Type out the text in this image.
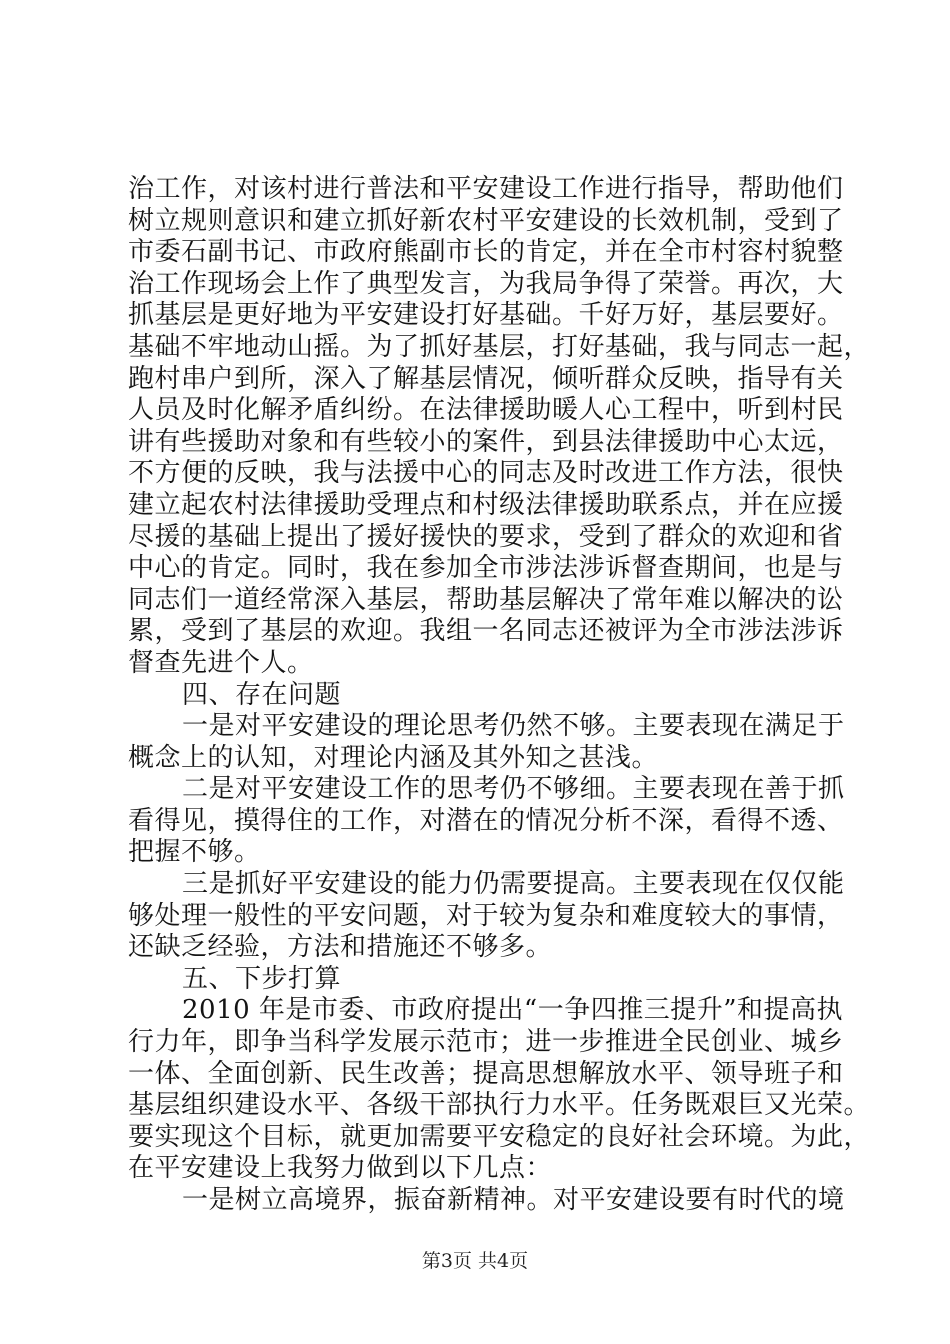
治工作，对该村进行普法和平安建设工作进行指导，帮助他们
树立规则意识和建立抓好新农村平安建设的长效机制，受到了
市委石副书记、市政府熊副市长的肯定，并在全市村容村貌整
治工作现场会上作了典型发言，为我局争得了荣誉。再次，大
抓基层是更好地为平安建设打好基础。千好万好，基层要好。
基础不牢地动山摇。为了抓好基层，打好基础，我与同志一起，
跑村串户到所，深入了解基层情况，倾听群众反映，指导有关
人员及时化解矛盾纠纷。在法律援助暖人心工程中，听到村民
讲有些援助对象和有些较小的案件，到县法律援助中心太远，
不方便的反映，我与法援中心的同志及时改进工作方法，很快
建立起农村法律援助受理点和村级法律援助联系点，并在应援
尽援的基础上提出了援好援快的要求，受到了群众的欢迎和省
中心的肯定。同时，我在参加全市涉法涉诉督查期间，也是与
同志们一道经常深入基层，帮助基层解决了常年难以解决的讼
累，受到了基层的欢迎。我组一名同志还被评为全市涉法涉诉
督查先进个人。
四、存在问题
一是对平安建设的理论思考仍然不够。主要表现在满足于
概念上的认知，对理论内涵及其外知之甚浅。
二是对平安建设工作的思考仍不够细。主要表现在善于抓
看得见，摸得住的工作，对潜在的情况分析不深，看得不透、
把握不够。
三是抓好平安建设的能力仍需要提高。主要表现在仅仅能
够处理一般性的平安问题，对于较为复杂和难度较大的事情，
还缺乏经验，方法和措施还不够多。
五、下步打算
2010 年是市委、市政府提出“一争四推三提升”和提高执
行力年，即争当科学发展示范市；进一步推进全民创业、城乡
一体、全面创新、民生改善；提高思想解放水平、领导班子和
基层组织建设水平、各级干部执行力水平。任务既艰巨又光荣。
要实现这个目标，就更加需要平安稳定的良好社会环境。为此，
在平安建设上我努力做到以下几点：
一是树立高境界，振奋新精神。对平安建设要有时代的境
第3页 共4页
